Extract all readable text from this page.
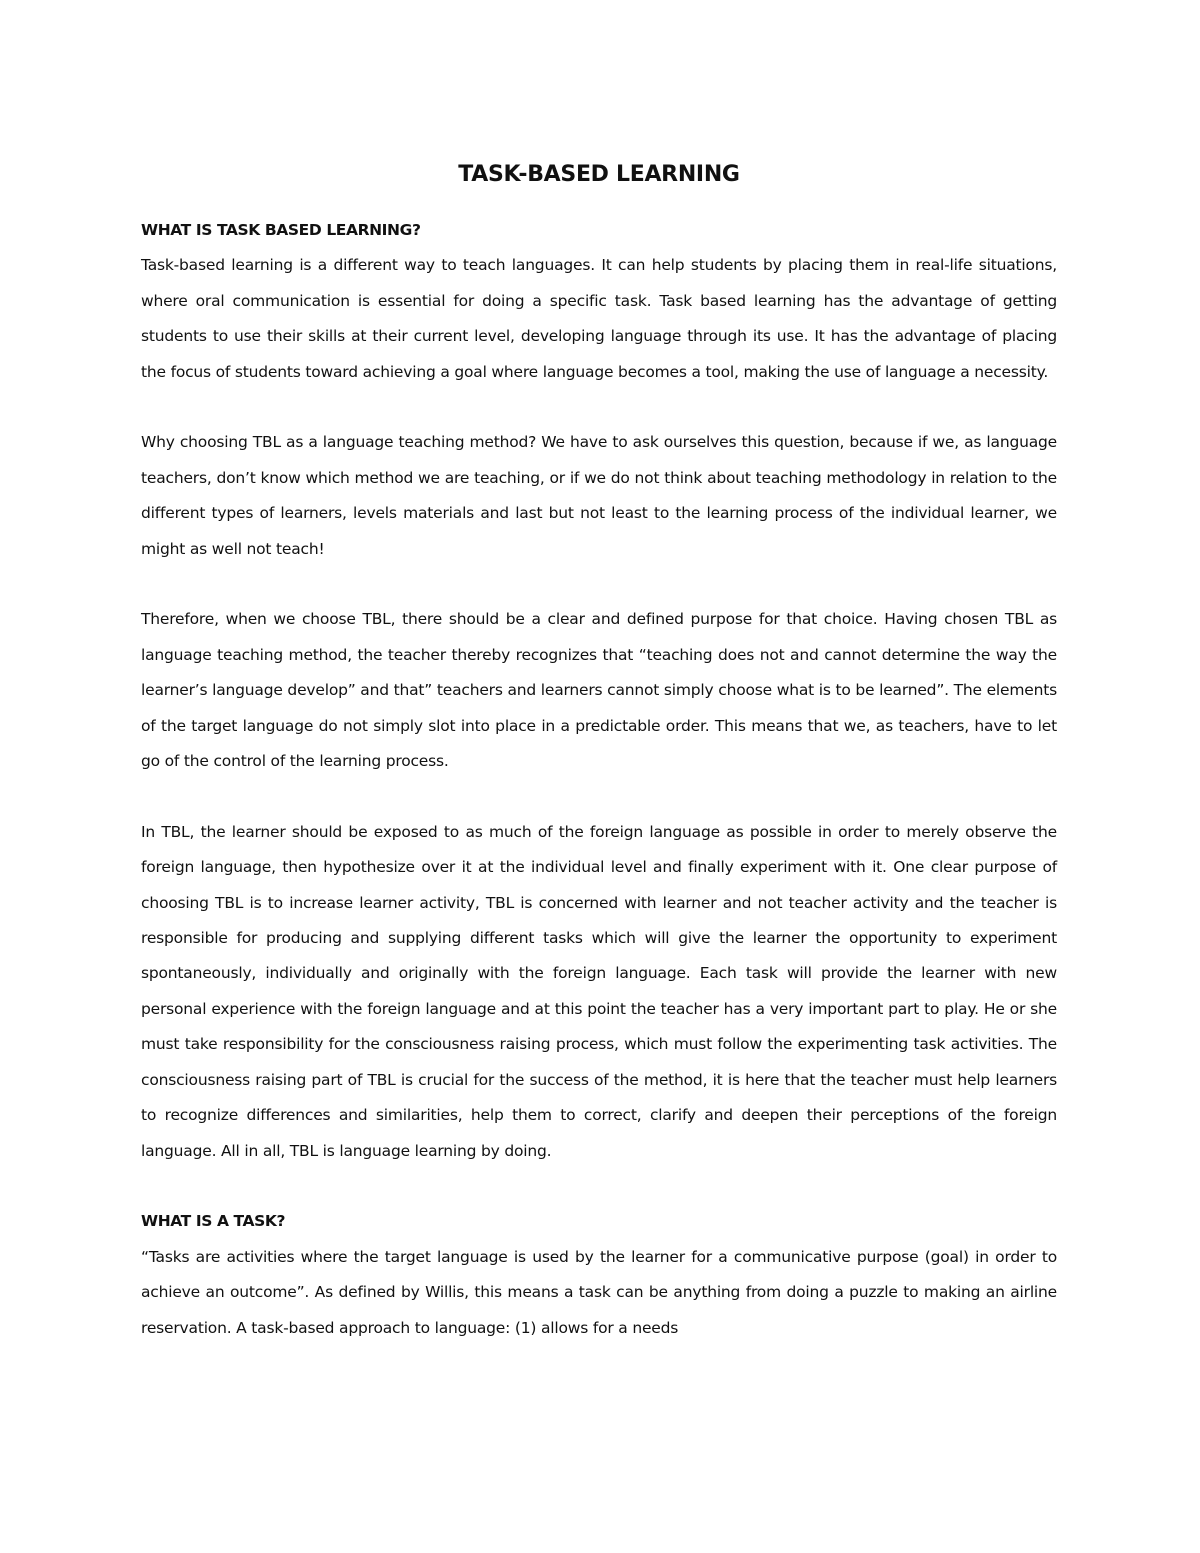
TASK-BASED LEARNING
WHAT IS TASK BASED LEARNING?

Task-based learning is a different way to teach languages. It can help students by placing them in real-life situations, where oral communication is essential for doing a specific task. Task based learning has the advantage of getting students to use their skills at their current level, developing language through its use. It has the advantage of placing the focus of students toward achieving a goal where language becomes a tool, making the use of language a necessity.

Why choosing TBL as a language teaching method? We have to ask ourselves this question, because if we, as language teachers, don’t know which method we are teaching, or if we do not think about teaching methodology in relation to the different types of learners, levels materials and last but not least to the learning process of the individual learner, we might as well not teach!

Therefore, when we choose TBL, there should be a clear and defined purpose for that choice. Having chosen TBL as language teaching method, the teacher thereby recognizes that “teaching does not and cannot determine the way the learner’s language develop” and that” teachers and learners cannot simply choose what is to be learned”. The elements of the target language do not simply slot into place in a predictable order. This means that we, as teachers, have to let go of the control of the learning process.

In TBL, the learner should be exposed to as much of the foreign language as possible in order to merely observe the foreign language, then hypothesize over it at the individual level and finally experiment with it. One clear purpose of choosing TBL is to increase learner activity, TBL is concerned with learner and not teacher activity and the teacher is responsible for producing and supplying different tasks which will give the learner the opportunity to experiment spontaneously, individually and originally with the foreign language. Each task will provide the learner with new personal experience with the foreign language and at this point the teacher has a very important part to play. He or she must take responsibility for the consciousness raising process, which must follow the experimenting task activities. The consciousness raising part of TBL is crucial for the success of the method, it is here that the teacher must help learners to recognize differences and similarities, help them to correct, clarify and deepen their perceptions of the foreign language. All in all, TBL is language learning by doing.

WHAT IS A TASK?

“Tasks are activities where the target language is used by the learner for a communicative purpose (goal) in order to achieve an outcome”. As defined by Willis, this means a task can be anything from doing a puzzle to making an airline reservation. A task-based approach to language: (1) allows for a needs
